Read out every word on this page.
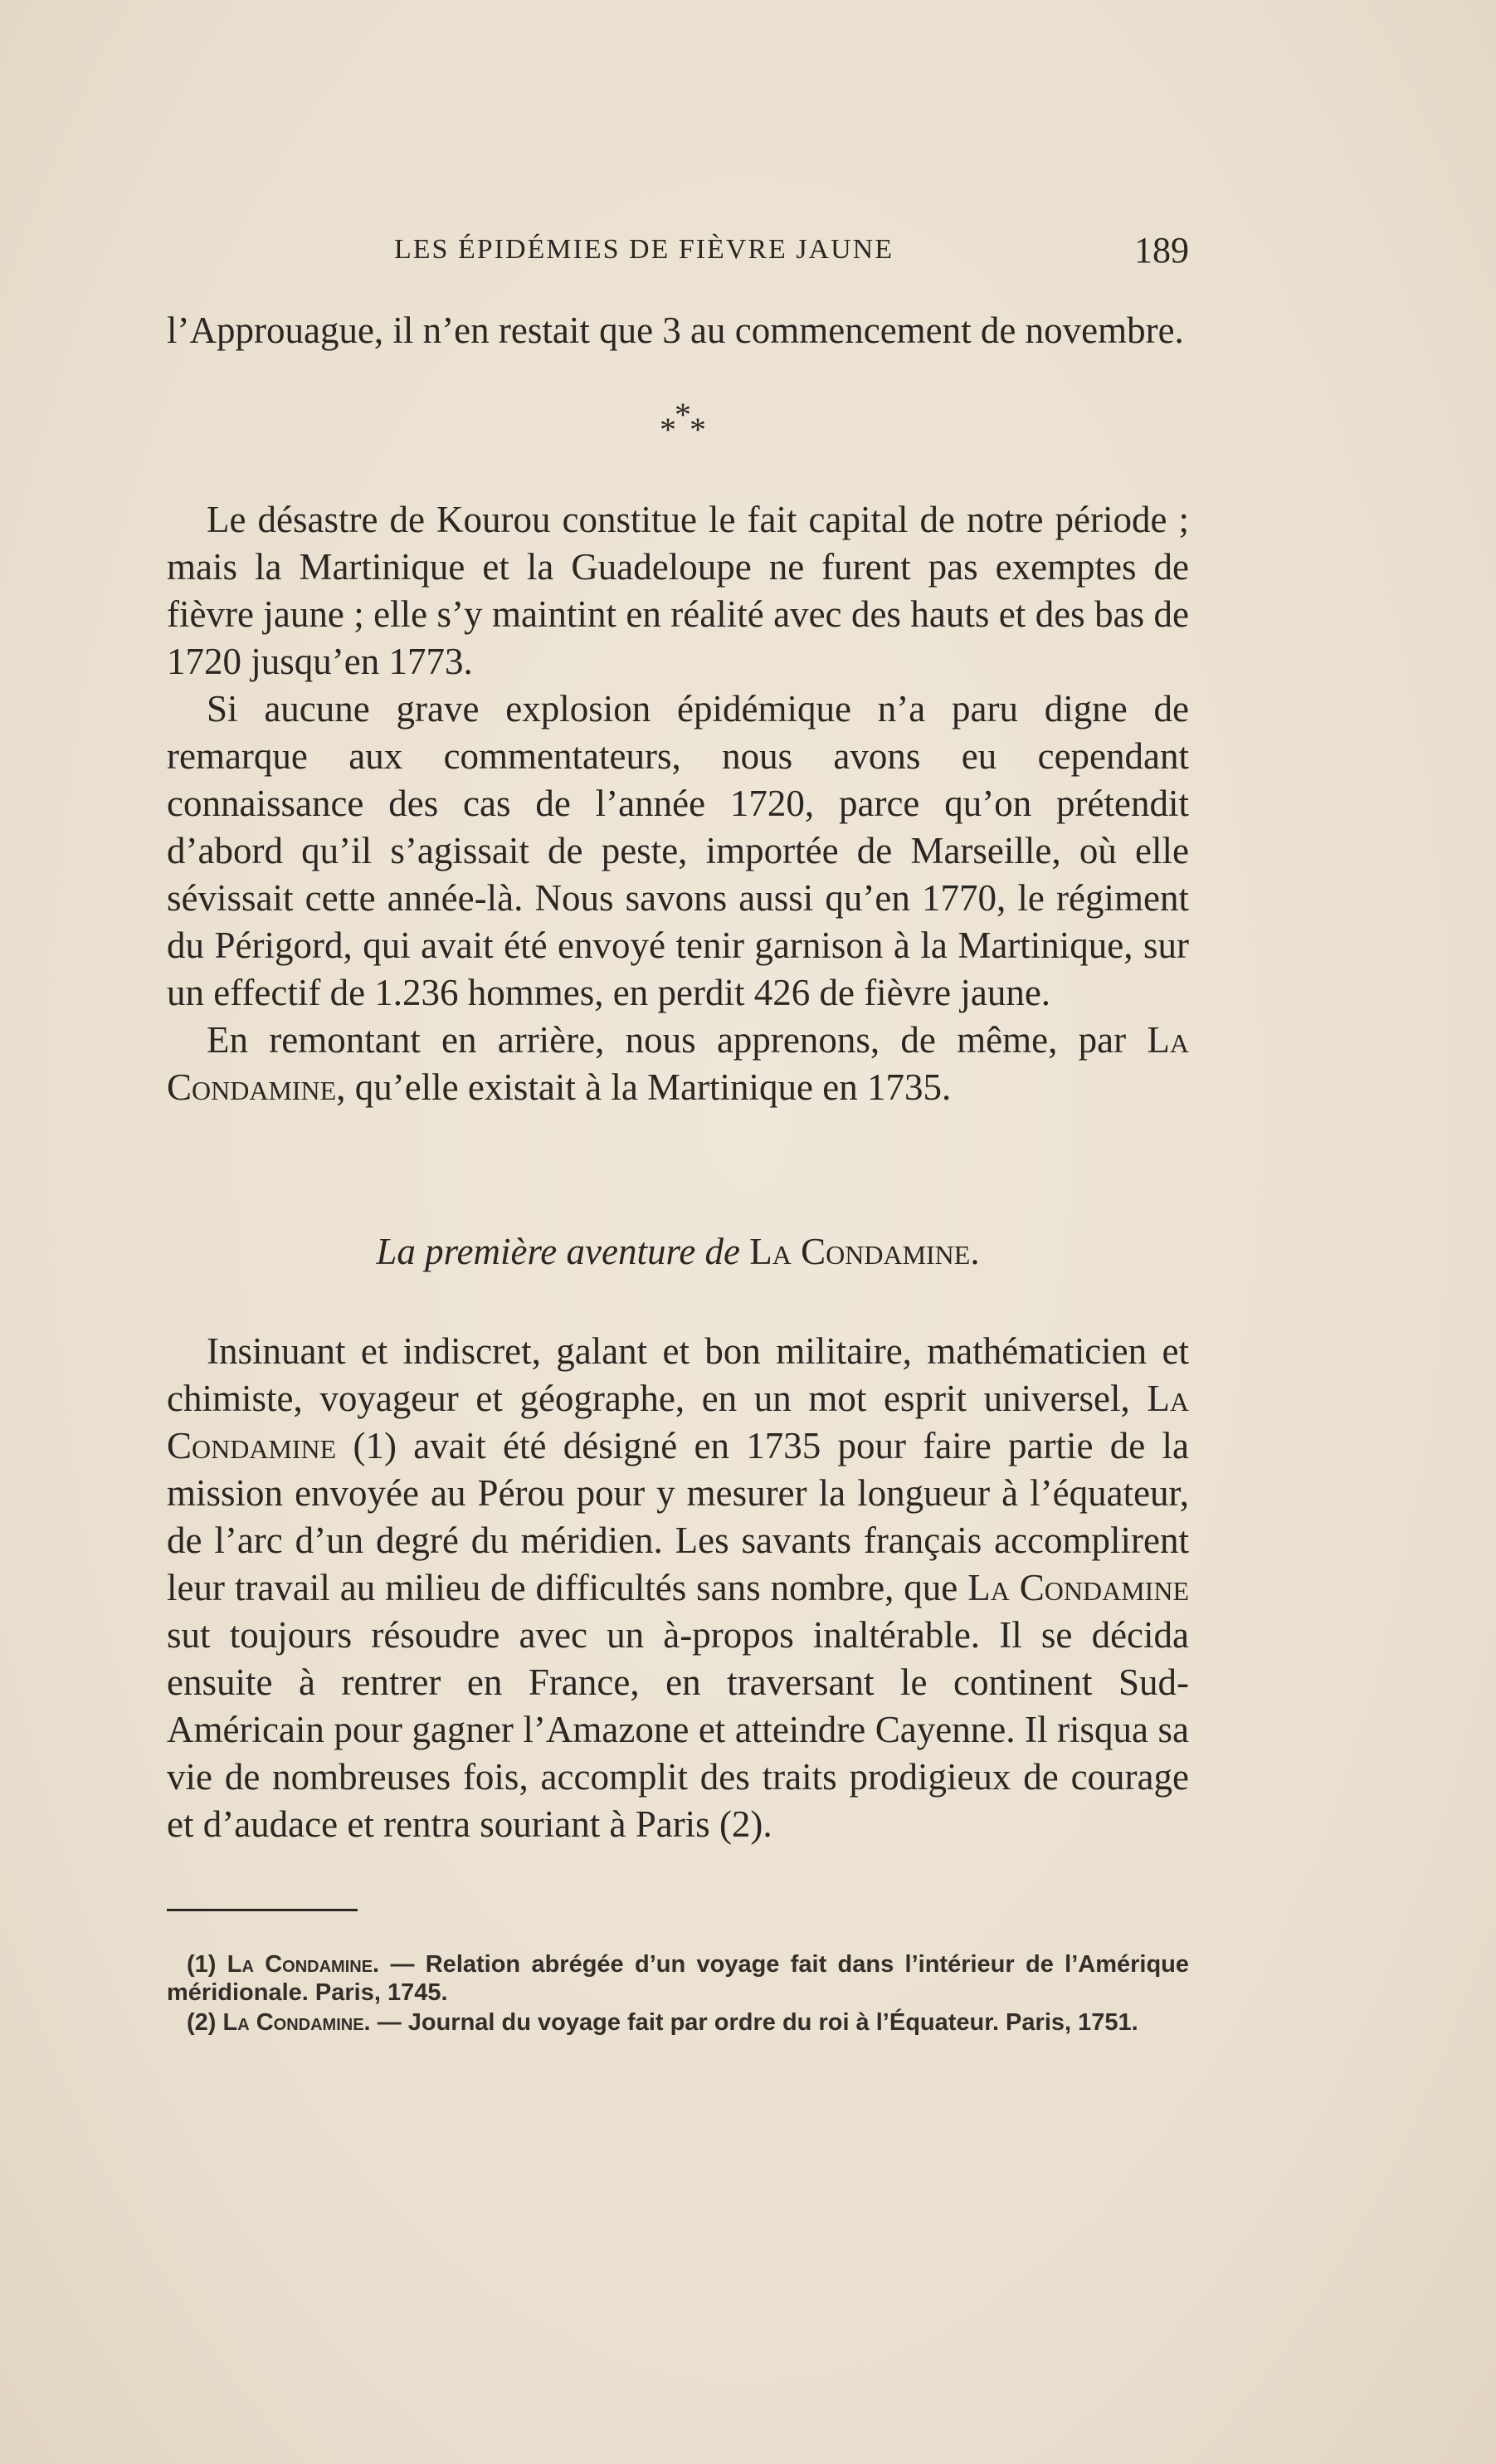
LES ÉPIDÉMIES DE FIÈVRE JAUNE	189

l’Approuague, il n’en restait que 3 au commencement de novembre.

*
* *

Le désastre de Kourou constitue le fait capital de notre période ; mais la Martinique et la Guadeloupe ne furent pas exemptes de fièvre jaune ; elle s’y maintint en réalité avec des hauts et des bas de 1720 jusqu’en 1773.

Si aucune grave explosion épidémique n’a paru digne de remarque aux commentateurs, nous avons eu cependant connaissance des cas de l’année 1720, parce qu’on prétendit d’abord qu’il s’agissait de peste, importée de Marseille, où elle sévissait cette année-là. Nous savons aussi qu’en 1770, le régiment du Périgord, qui avait été envoyé tenir garnison à la Martinique, sur un effectif de 1.236 hommes, en perdit 426 de fièvre jaune.

En remontant en arrière, nous apprenons, de même, par La Condamine, qu’elle existait à la Martinique en 1735.

La première aventure de La Condamine.

Insinuant et indiscret, galant et bon militaire, mathématicien et chimiste, voyageur et géographe, en un mot esprit universel, La Condamine (1) avait été désigné en 1735 pour faire partie de la mission envoyée au Pérou pour y mesurer la longueur à l’équateur, de l’arc d’un degré du méridien. Les savants français accomplirent leur travail au milieu de difficultés sans nombre, que La Condamine sut toujours résoudre avec un à-propos inaltérable. Il se décida ensuite à rentrer en France, en traversant le continent Sud-Américain pour gagner l’Amazone et atteindre Cayenne. Il risqua sa vie de nombreuses fois, accomplit des traits prodigieux de courage et d’audace et rentra souriant à Paris (2).

(1) La Condamine. — Relation abrégée d’un voyage fait dans l’intérieur de l’Amérique méridionale. Paris, 1745.

(2) La Condamine. — Journal du voyage fait par ordre du roi à l’Équateur. Paris, 1751.
